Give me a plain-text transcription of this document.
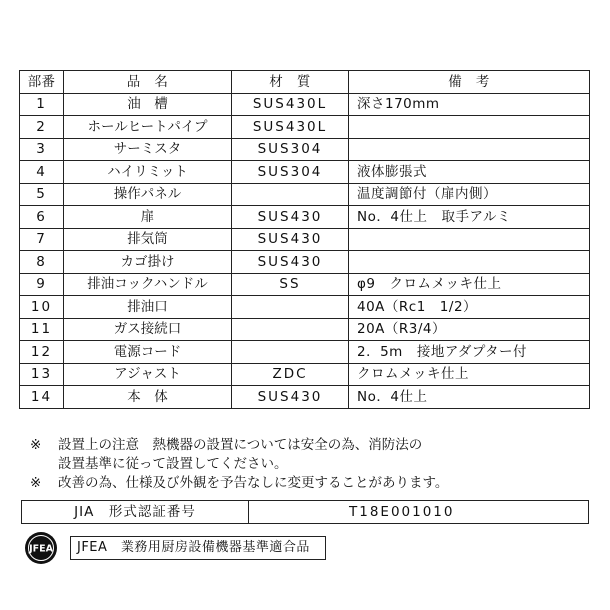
部番	品　名	材　質	備　考
1	油　槽	SUS430L	深さ170mm
2	ホールヒートパイプ	SUS430L	
3	サーミスタ	SUS304	
4	ハイリミット	SUS304	液体膨張式
5	操作パネル		温度調節付（扉内側）
6	扉	SUS430	No．4仕上　取手アルミ
7	排気筒	SUS430	
8	カゴ掛け	SUS430	
9	排油コックハンドル	SS	φ9　クロムメッキ仕上
10	排油口		40A（Rc1　1/2）
11	ガス接続口		20A（R3/4）
12	電源コード		2．5m　接地アダプター付
13	アジャスト	ZDC	クロムメッキ仕上
14	本　体	SUS430	No．4仕上
※	設置上の注意　熱機器の設置については安全の為、消防法の
設置基準に従って設置してください。
※	改善の為、仕様及び外観を予告なしに変更することがあります。
JIA　形式認証番号	T18E001010
JFEA	JFEA　業務用厨房設備機器基準適合品
